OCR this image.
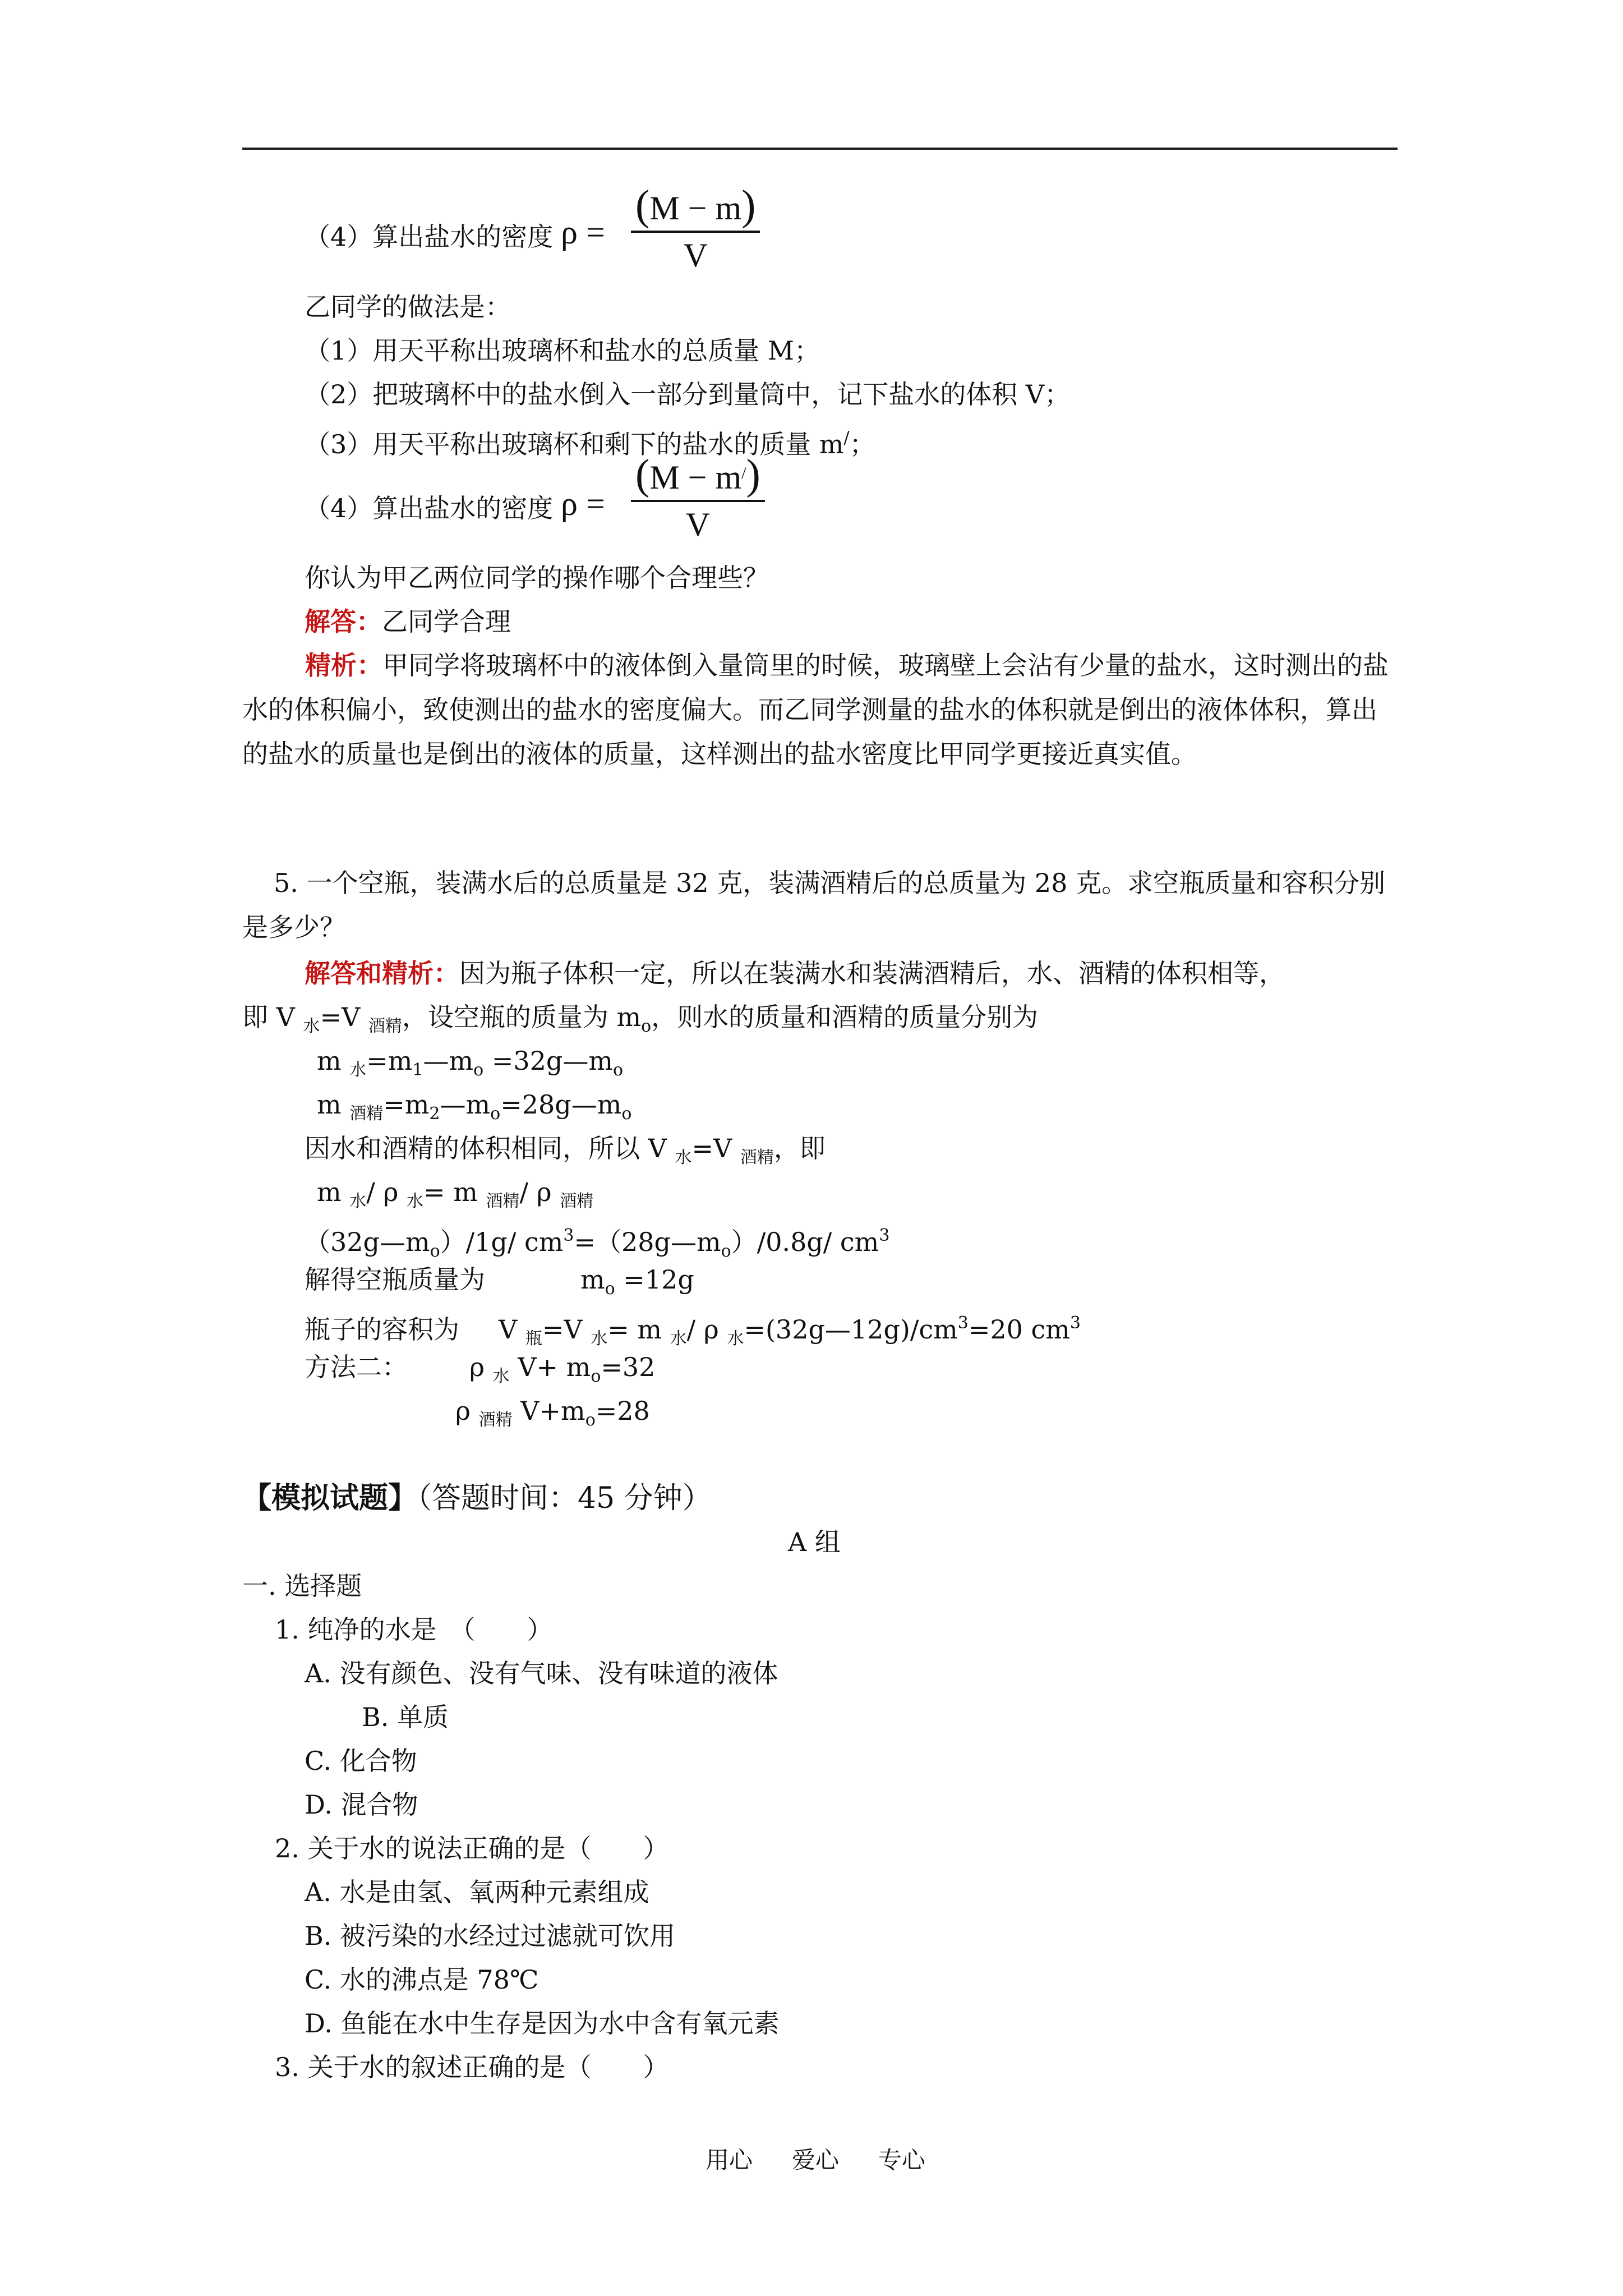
（4）算出盐水的密度 ρ =
(M − m)
V
乙同学的做法是：
（1）用天平称出玻璃杯和盐水的总质量 M；
（2）把玻璃杯中的盐水倒入一部分到量筒中，记下盐水的体积 V；
（3）用天平称出玻璃杯和剩下的盐水的质量 m/；
（4）算出盐水的密度 ρ =
(M − m/)
V
你认为甲乙两位同学的操作哪个合理些？
解答：乙同学合理
精析：甲同学将玻璃杯中的液体倒入量筒里的时候，玻璃壁上会沾有少量的盐水，这时测出的盐水的体积偏小，致使测出的盐水的密度偏大。而乙同学测量的盐水的体积就是倒出的液体体积，算出的盐水的质量也是倒出的液体的质量，这样测出的盐水密度比甲同学更接近真实值。
5. 一个空瓶，装满水后的总质量是 32 克，装满酒精后的总质量为 28 克。求空瓶质量和容积分别是多少？
解答和精析：因为瓶子体积一定，所以在装满水和装满酒精后，水、酒精的体积相等，
即 V $_水$=V $_{酒精}$，设空瓶的质量为 $m_o$，则水的质量和酒精的质量分别为
m $_水=m_1—m_o$ $=32g—m_o$
m $_{酒精}=m_2—m_o=28g—m_o$
因水和酒精的体积相同，所以 V $_水$=V $_{酒精}$，即
m $_水$/ ρ $_水$= m $_{酒精}$/ ρ $_{酒精}$
$(32g—m_o)/1g/$ $cm^3=(28g—m_o)/0.8g/$ $cm^3$
解得空瓶质量为	$m_o =12g$
瓶子的容积为 V $_瓶$=V $_水$= m $_水$/ ρ $_水=(32g—12g)/cm^3=20$ $cm^3$
方法二： ρ $_水$ $V+ m_o=32$
ρ $_{酒精}$ $V+m_o=28$
【模拟试题】（答题时间：45 分钟）
A 组
一. 选择题
1. 纯净的水是　（　　）
A. 没有颜色、没有气味、没有味道的液体
B. 单质
C. 化合物
D. 混合物
2. 关于水的说法正确的是（　　）
A. 水是由氢、氧两种元素组成
B. 被污染的水经过过滤就可饮用
C. 水的沸点是 78℃
D. 鱼能在水中生存是因为水中含有氧元素
3. 关于水的叙述正确的是（　　）
用心 爱心 专心
